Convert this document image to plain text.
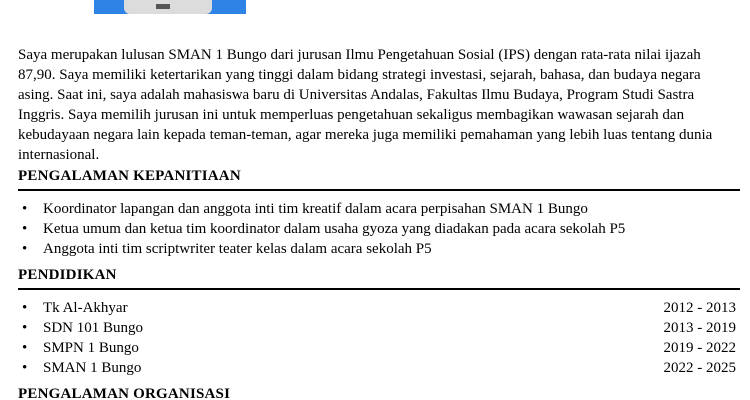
Saya merupakan lulusan SMAN 1 Bungo dari jurusan Ilmu Pengetahuan Sosial (IPS) dengan rata-rata nilai ijazah 87,90. Saya memiliki ketertarikan yang tinggi dalam bidang strategi investasi, sejarah, bahasa, dan budaya negara asing. Saat ini, saya adalah mahasiswa baru di Universitas Andalas, Fakultas Ilmu Budaya, Program Studi Sastra Inggris. Saya memilih jurusan ini untuk memperluas pengetahuan sekaligus membagikan wawasan sejarah dan kebudayaan negara lain kepada teman-teman, agar mereka juga memiliki pemahaman yang lebih luas tentang dunia internasional.

PENGALAMAN KEPANITIAAN
• Koordinator lapangan dan anggota inti tim kreatif dalam acara perpisahan SMAN 1 Bungo
• Ketua umum dan ketua tim koordinator dalam usaha gyoza yang diadakan pada acara sekolah P5
• Anggota inti tim scriptwriter teater kelas dalam acara sekolah P5
PENDIDIKAN
• Tk Al-Akhyar	2012 - 2013
• SDN 101 Bungo	2013 - 2019
• SMPN 1 Bungo	2019 - 2022
• SMAN 1 Bungo	2022 - 2025
PENGALAMAN ORGANISASI
